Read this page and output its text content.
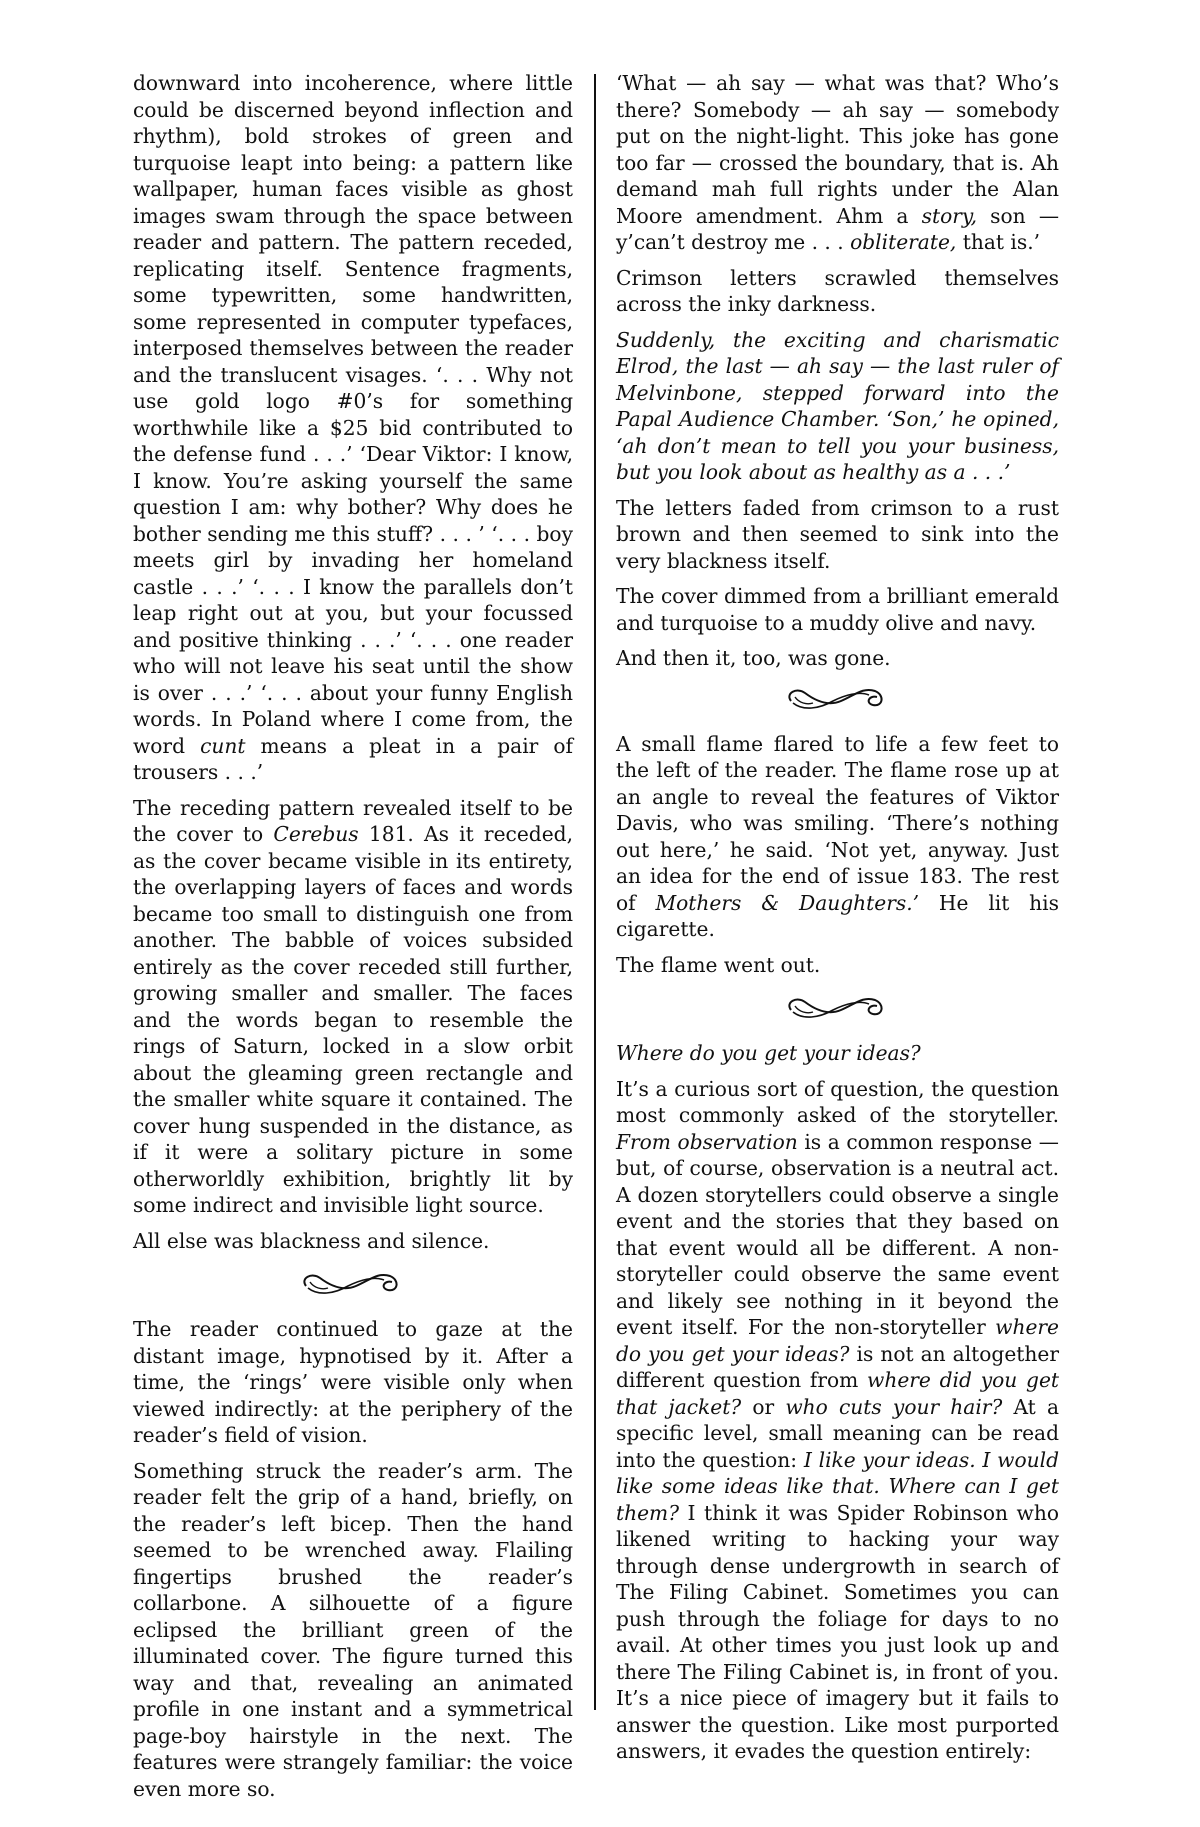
downward into incoherence, where little could be discerned beyond inflection and rhythm), bold strokes of green and turquoise leapt into being: a pattern like wallpaper, human faces visible as ghost images swam through the space between reader and pattern. The pattern receded, replicating itself. Sentence fragments, some typewritten, some handwritten, some represented in computer typefaces, interposed themselves between the reader and the translucent visages. ‘. . . Why not use gold logo #0’s for something worthwhile like a $25 bid contributed to the defense fund . . .’ ‘Dear Viktor: I know, I know. You’re asking yourself the same question I am: why bother? Why does he bother sending me this stuff? . . . ’ ‘. . . boy meets girl by invading her homeland castle . . .’ ‘. . . I know the parallels don’t leap right out at you, but your focussed and positive thinking . . .’ ‘. . . one reader who will not leave his seat until the show is over . . .’ ‘. . . about your funny English words. In Poland where I come from, the word cunt means a pleat in a pair of trousers . . .’

The receding pattern revealed itself to be the cover to Cerebus 181. As it receded, as the cover became visible in its entirety, the overlapping layers of faces and words became too small to distinguish one from another. The babble of voices subsided entirely as the cover receded still further, growing smaller and smaller. The faces and the words began to resemble the rings of Saturn, locked in a slow orbit about the gleaming green rectangle and the smaller white square it contained. The cover hung suspended in the distance, as if it were a solitary picture in some otherworldly exhibition, brightly lit by some indirect and invisible light source.

All else was blackness and silence.

The reader continued to gaze at the distant image, hypnotised by it. After a time, the ‘rings’ were visible only when viewed indirectly: at the periphery of the reader’s field of vision.

Something struck the reader’s arm. The reader felt the grip of a hand, briefly, on the reader’s left bicep. Then the hand seemed to be wrenched away. Flailing fingertips brushed the reader’s collarbone. A silhouette of a figure eclipsed the brilliant green of the illuminated cover. The figure turned this way and that, revealing an animated profile in one instant and a symmetrical page-boy hairstyle in the next. The features were strangely familiar: the voice even more so.

‘What — ah say — what was that? Who’s there? Somebody — ah say — somebody put on the night-light. This joke has gone too far — crossed the boundary, that is. Ah demand mah full rights under the Alan Moore amendment. Ahm a story, son — y’can’t destroy me . . . obliterate, that is.’

Crimson letters scrawled themselves across the inky darkness.

Suddenly, the exciting and charismatic Elrod, the last — ah say — the last ruler of Melvinbone, stepped forward into the Papal Audience Chamber. ‘Son,’ he opined, ‘ah don’t mean to tell you your business, but you look about as healthy as a . . .’

The letters faded from crimson to a rust brown and then seemed to sink into the very blackness itself.

The cover dimmed from a brilliant emerald and turquoise to a muddy olive and navy.

And then it, too, was gone.

A small flame flared to life a few feet to the left of the reader. The flame rose up at an angle to reveal the features of Viktor Davis, who was smiling. ‘There’s nothing out here,’ he said. ‘Not yet, anyway. Just an idea for the end of issue 183. The rest of Mothers & Daughters.’ He lit his cigarette.

The flame went out.

Where do you get your ideas?

It’s a curious sort of question, the question most commonly asked of the storyteller. From observation is a common response — but, of course, observation is a neutral act. A dozen storytellers could observe a single event and the stories that they based on that event would all be different. A non-storyteller could observe the same event and likely see nothing in it beyond the event itself. For the non-storyteller where do you get your ideas? is not an altogether different question from where did you get that jacket? or who cuts your hair? At a specific level, small meaning can be read into the question: I like your ideas. I would like some ideas like that. Where can I get them? I think it was Spider Robinson who likened writing to hacking your way through dense undergrowth in search of The Filing Cabinet. Sometimes you can push through the foliage for days to no avail. At other times you just look up and there The Filing Cabinet is, in front of you. It’s a nice piece of imagery but it fails to answer the question. Like most purported answers, it evades the question entirely:
